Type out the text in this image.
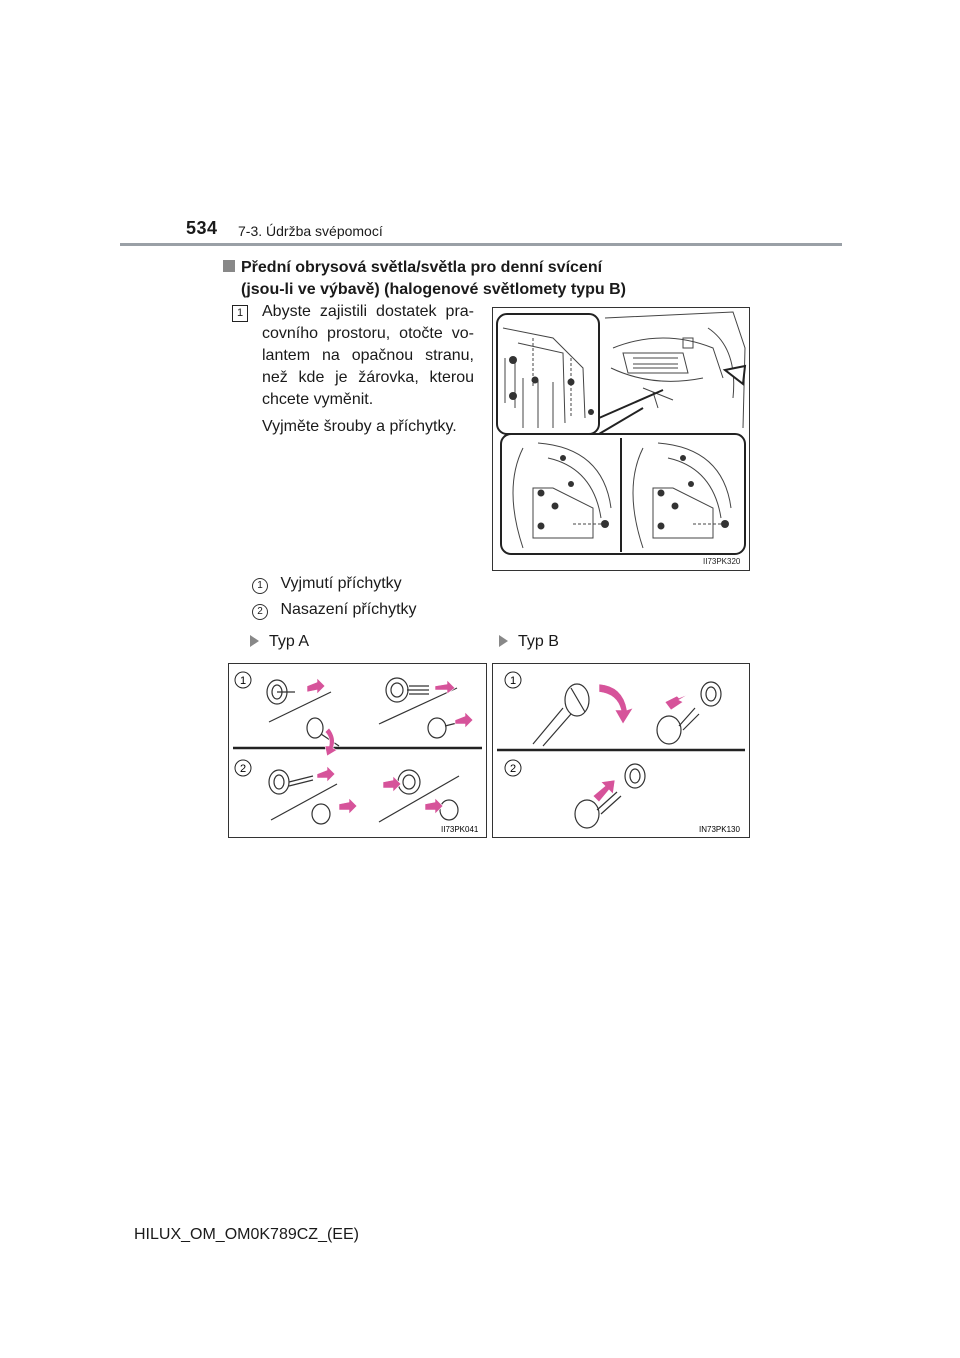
534 7-3. Údržba svépomocí
Přední obrysová světla/světla pro denní svícení
(jsou-li ve výbavě) (halogenové světlomety typu B)
1	Abyste zajistili dostatek pracovního prostoru, otočte volantem na opačnou stranu, než kde je žárovka, kterou chcete vyměnit.
Vyjměte šrouby a příchytky.
II73PK320
1 Vyjmutí příchytky
2 Nasazení příchytky
Typ A	Typ B
1
2
II73PK041
1
2
IN73PK130
HILUX_OM_OM0K789CZ_(EE)
